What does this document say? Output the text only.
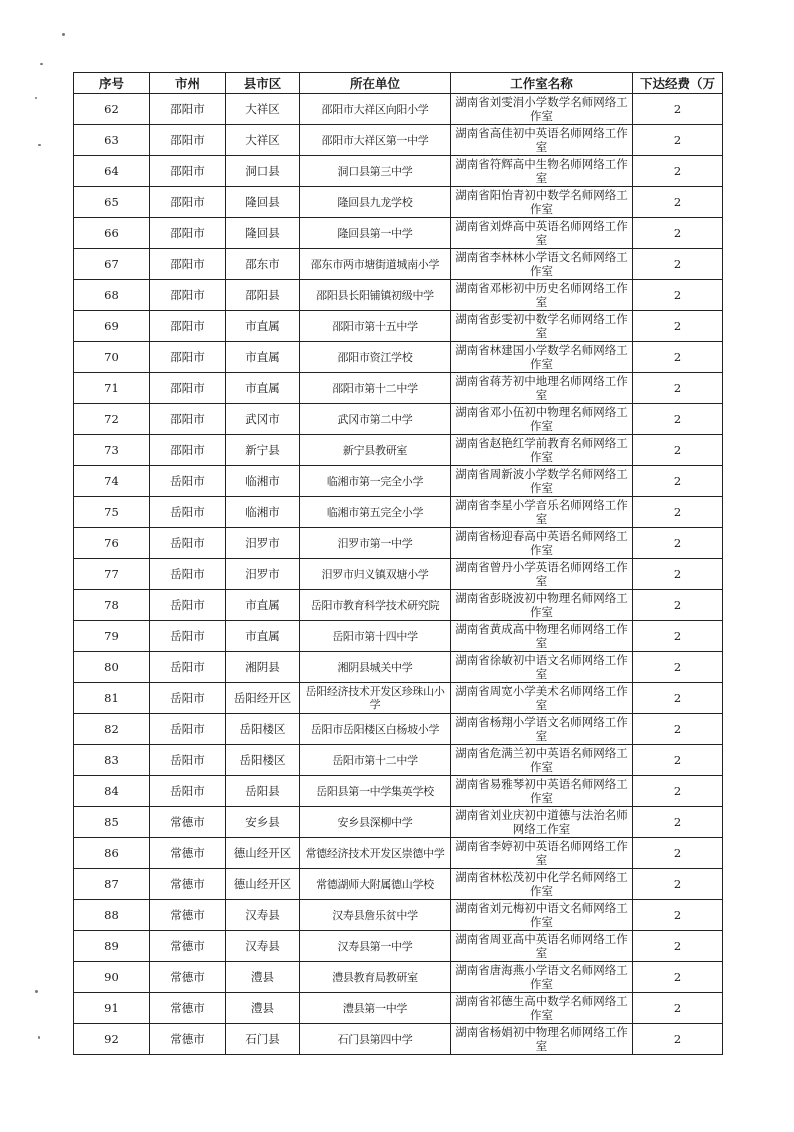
序号	市州	县市区	所在单位	工作室名称	下达经费（万
62	邵阳市	大祥区	邵阳市大祥区向阳小学	湖南省刘雯涓小学数学名师网络工作室	2
63	邵阳市	大祥区	邵阳市大祥区第一中学	湖南省高佳初中英语名师网络工作室	2
64	邵阳市	洞口县	洞口县第三中学	湖南省符辉高中生物名师网络工作室	2
65	邵阳市	隆回县	隆回县九龙学校	湖南省阳怡青初中数学名师网络工作室	2
66	邵阳市	隆回县	隆回县第一中学	湖南省刘烨高中英语名师网络工作室	2
67	邵阳市	邵东市	邵东市两市塘街道城南小学	湖南省李林林小学语文名师网络工作室	2
68	邵阳市	邵阳县	邵阳县长阳铺镇初级中学	湖南省邓彬初中历史名师网络工作室	2
69	邵阳市	市直属	邵阳市第十五中学	湖南省彭雯初中数学名师网络工作室	2
70	邵阳市	市直属	邵阳市资江学校	湖南省林建国小学数学名师网络工作室	2
71	邵阳市	市直属	邵阳市第十二中学	湖南省蒋芳初中地理名师网络工作室	2
72	邵阳市	武冈市	武冈市第二中学	湖南省邓小伍初中物理名师网络工作室	2
73	邵阳市	新宁县	新宁县教研室	湖南省赵艳红学前教育名师网络工作室	2
74	岳阳市	临湘市	临湘市第一完全小学	湖南省周新波小学数学名师网络工作室	2
75	岳阳市	临湘市	临湘市第五完全小学	湖南省李星小学音乐名师网络工作室	2
76	岳阳市	汨罗市	汨罗市第一中学	湖南省杨迎春高中英语名师网络工作室	2
77	岳阳市	汨罗市	汨罗市归义镇双塘小学	湖南省曾丹小学英语名师网络工作室	2
78	岳阳市	市直属	岳阳市教育科学技术研究院	湖南省彭晓波初中物理名师网络工作室	2
79	岳阳市	市直属	岳阳市第十四中学	湖南省黄成高中物理名师网络工作室	2
80	岳阳市	湘阴县	湘阴县城关中学	湖南省徐敏初中语文名师网络工作室	2
81	岳阳市	岳阳经开区	岳阳经济技术开发区珍珠山小学	湖南省周宽小学美术名师网络工作室	2
82	岳阳市	岳阳楼区	岳阳市岳阳楼区白杨坡小学	湖南省杨翔小学语文名师网络工作室	2
83	岳阳市	岳阳楼区	岳阳市第十二中学	湖南省危满兰初中英语名师网络工作室	2
84	岳阳市	岳阳县	岳阳县第一中学集英学校	湖南省易雅琴初中英语名师网络工作室	2
85	常德市	安乡县	安乡县深柳中学	湖南省刘业庆初中道德与法治名师网络工作室	2
86	常德市	德山经开区	常德经济技术开发区崇德中学	湖南省李婷初中英语名师网络工作室	2
87	常德市	德山经开区	常德湖师大附属德山学校	湖南省林松茂初中化学名师网络工作室	2
88	常德市	汉寿县	汉寿县詹乐贫中学	湖南省刘元梅初中语文名师网络工作室	2
89	常德市	汉寿县	汉寿县第一中学	湖南省周亚高中英语名师网络工作室	2
90	常德市	澧县	澧县教育局教研室	湖南省唐海燕小学语文名师网络工作室	2
91	常德市	澧县	澧县第一中学	湖南省祁德生高中数学名师网络工作室	2
92	常德市	石门县	石门县第四中学	湖南省杨娟初中物理名师网络工作室	2
